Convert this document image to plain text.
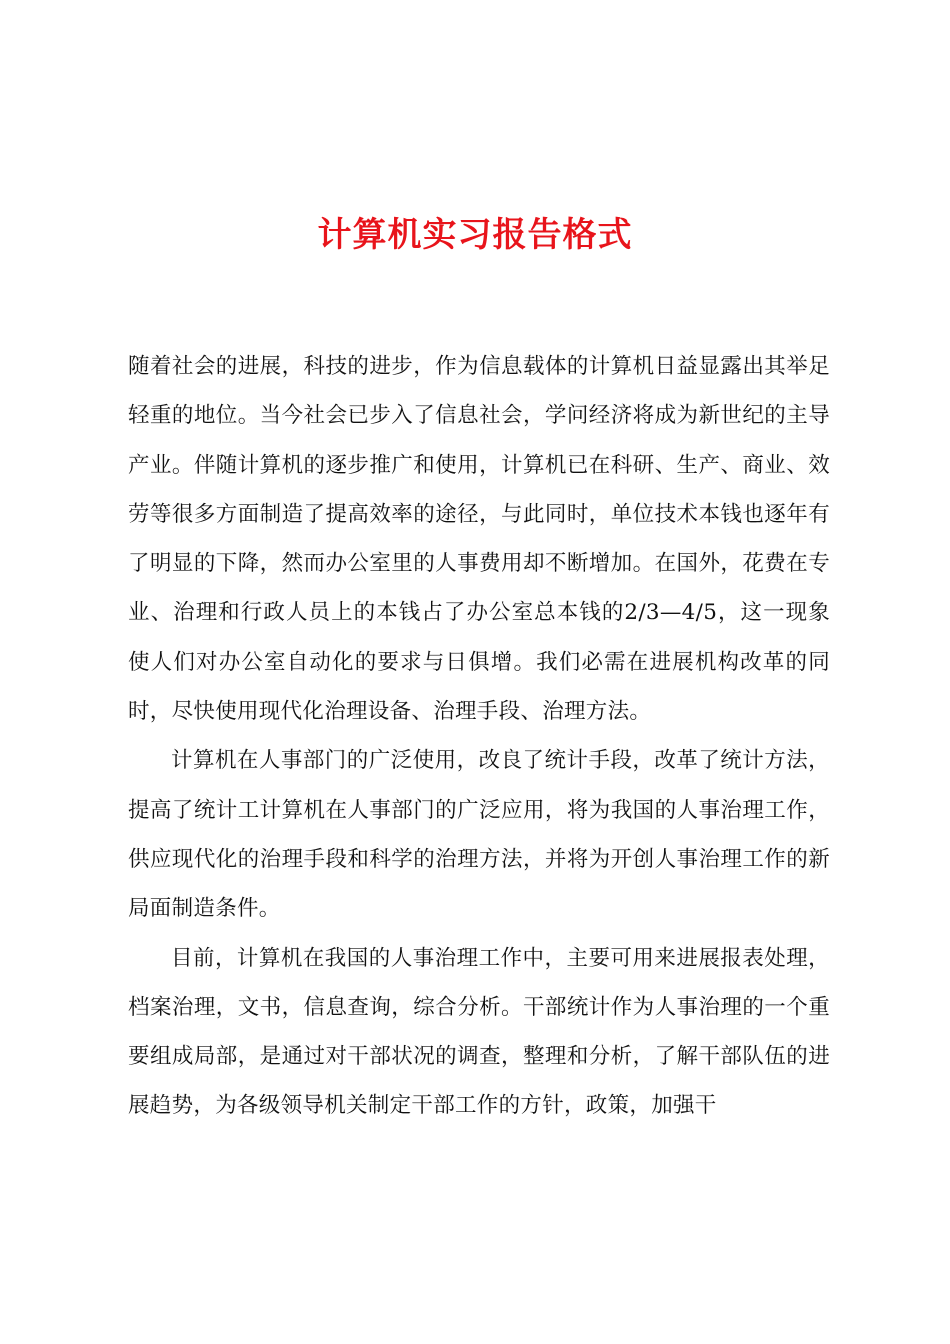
计算机实习报告格式

随着社会的进展，科技的进步，作为信息载体的计算机日益显露出其举足轻重的地位。当今社会已步入了信息社会，学问经济将成为新世纪的主导产业。伴随计算机的逐步推广和使用，计算机已在科研、生产、商业、效劳等很多方面制造了提高效率的途径，与此同时，单位技术本钱也逐年有了明显的下降，然而办公室里的人事费用却不断增加。在国外，花费在专业、治理和行政人员上的本钱占了办公室总本钱的2/3—4/5，这一现象使人们对办公室自动化的要求与日俱增。我们必需在进展机构改革的同时，尽快使用现代化治理设备、治理手段、治理方法。

计算机在人事部门的广泛使用，改良了统计手段，改革了统计方法，提高了统计工计算机在人事部门的广泛应用，将为我国的人事治理工作，供应现代化的治理手段和科学的治理方法，并将为开创人事治理工作的新局面制造条件。

目前，计算机在我国的人事治理工作中，主要可用来进展报表处理，档案治理，文书，信息查询，综合分析。干部统计作为人事治理的一个重要组成局部，是通过对干部状况的调查，整理和分析，了解干部队伍的进展趋势，为各级领导机关制定干部工作的方针，政策，加强干
